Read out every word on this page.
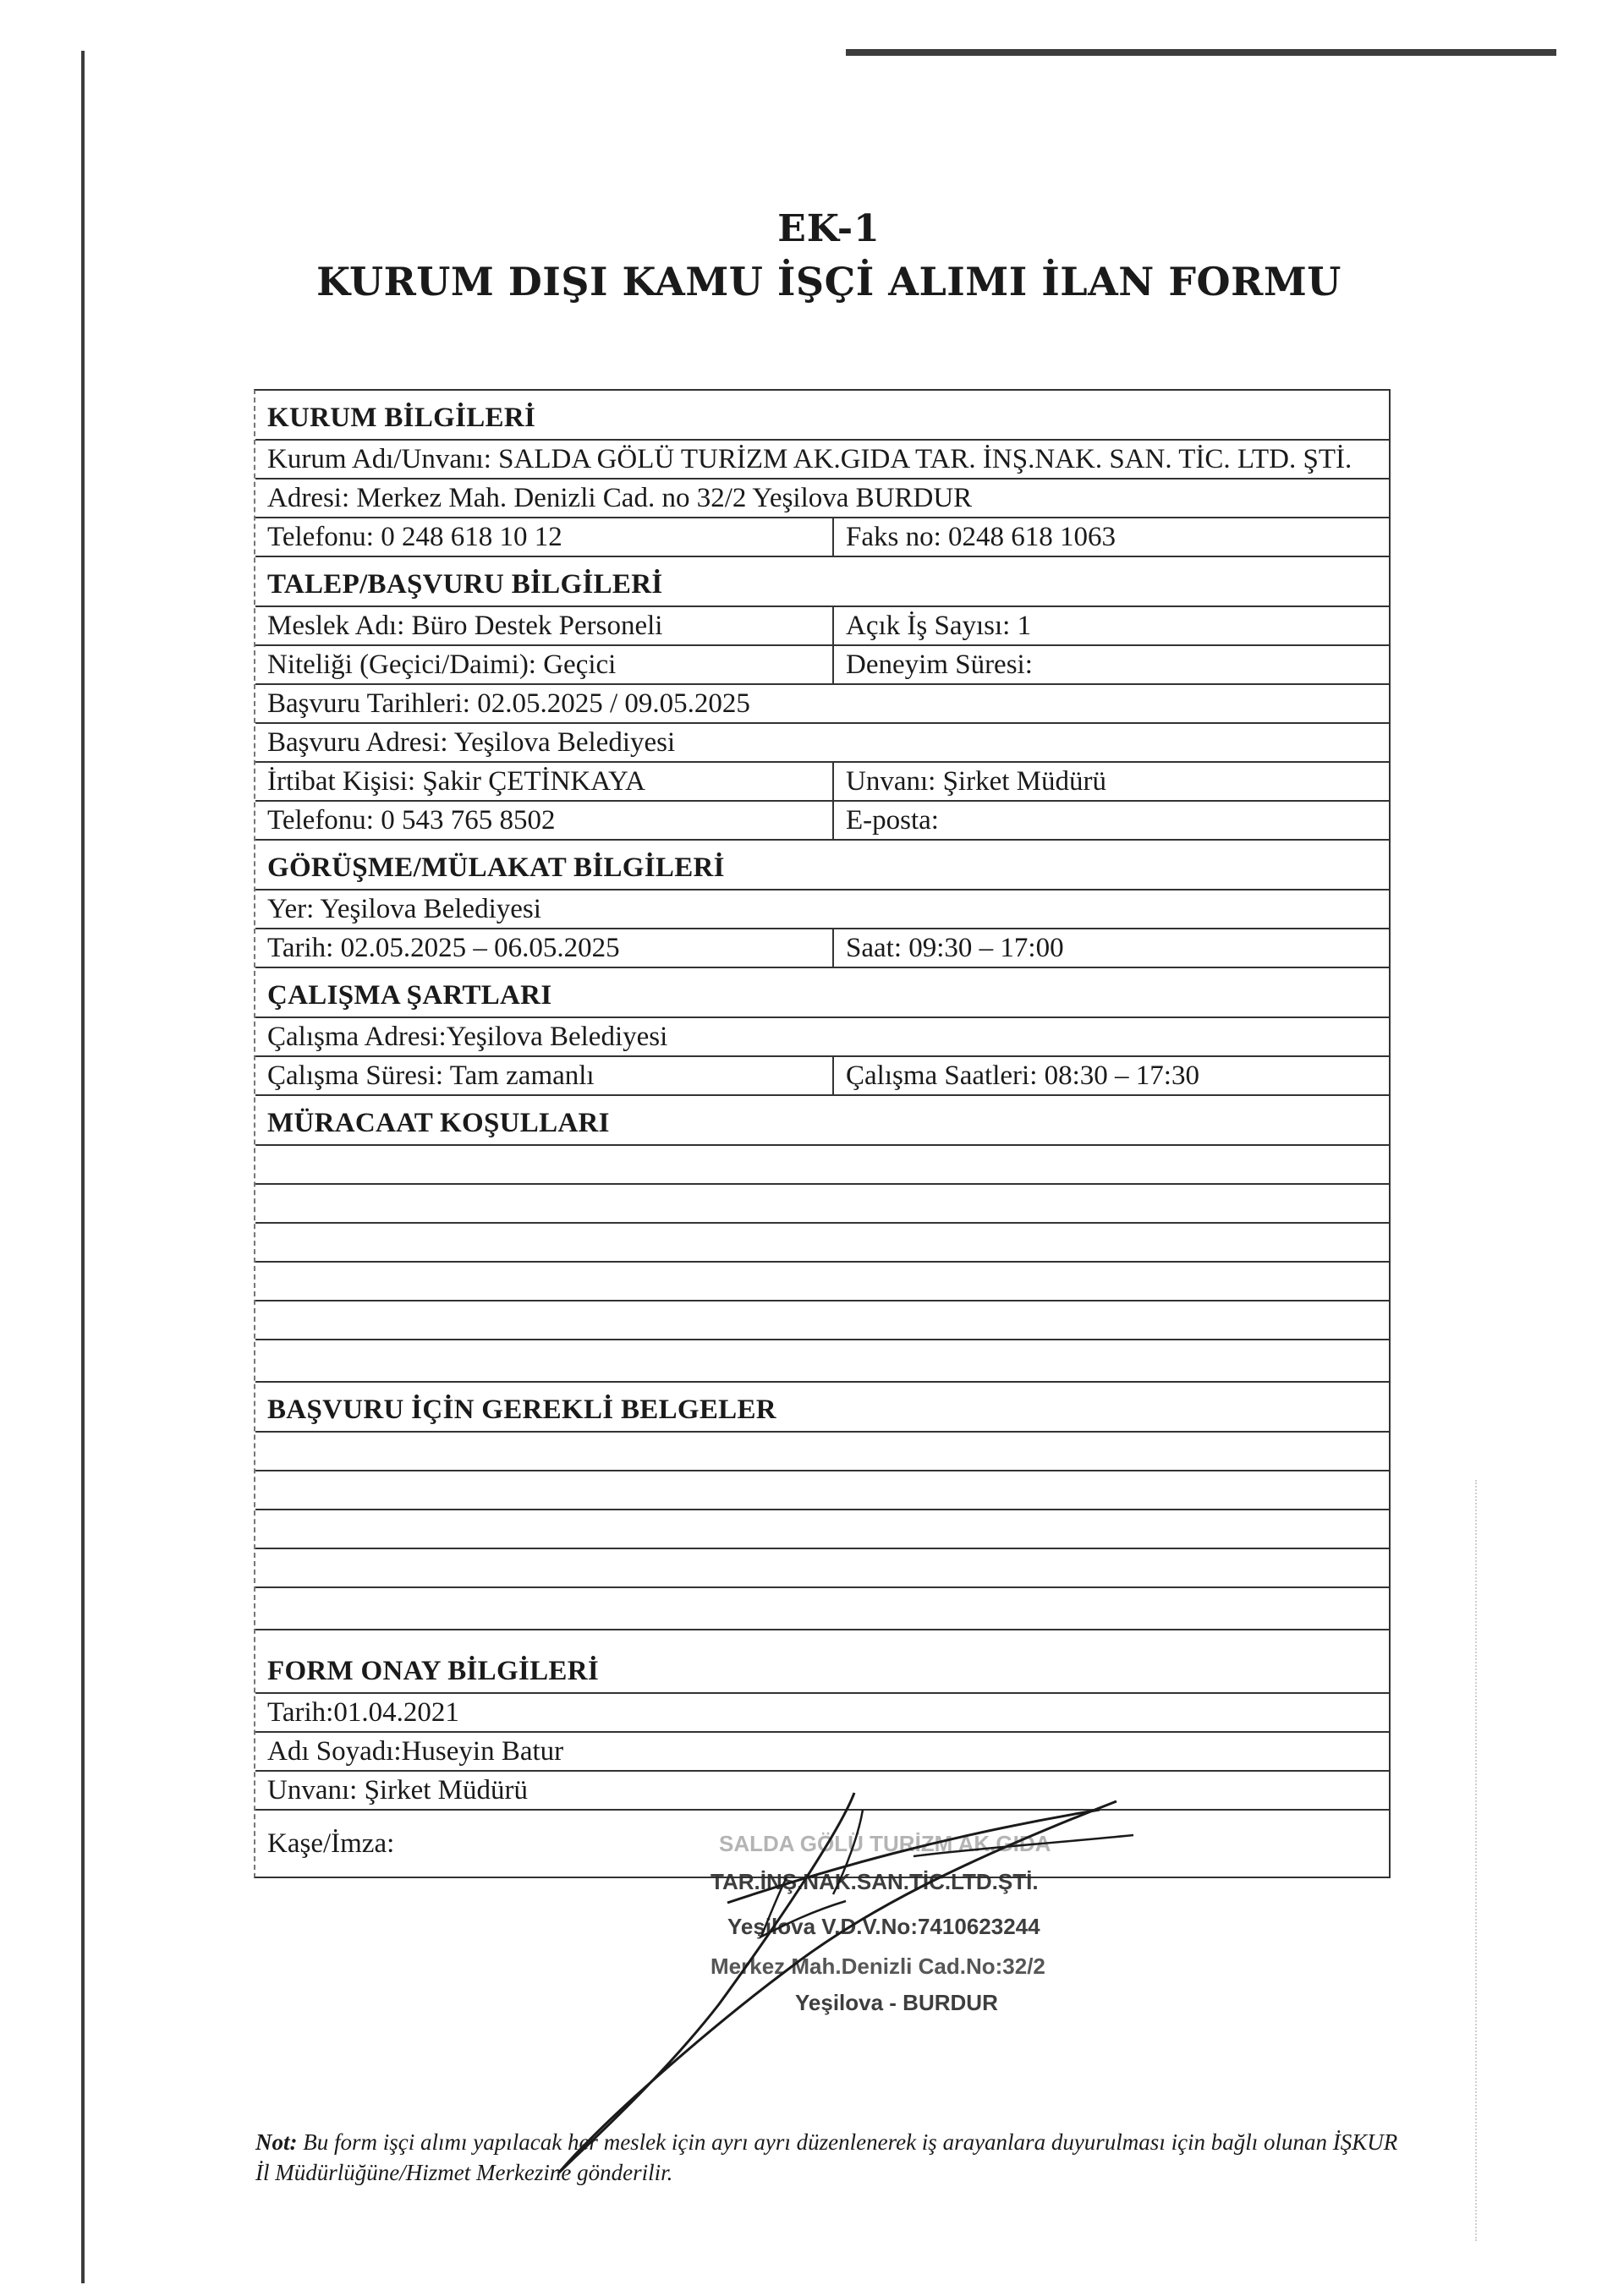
EK-1
KURUM DIŞI KAMU İŞÇİ ALIMI İLAN FORMU
KURUM BİLGİLERİ
Kurum Adı/Unvanı: SALDA GÖLÜ TURİZM AK.GIDA TAR. İNŞ.NAK. SAN. TİC. LTD. ŞTİ.
Adresi: Merkez Mah. Denizli Cad. no 32/2 Yeşilova BURDUR
Telefonu: 0 248 618 10 12	Faks no: 0248 618 1063
TALEP/BAŞVURU BİLGİLERİ
Meslek Adı: Büro Destek Personeli	Açık İş Sayısı: 1
Niteliği (Geçici/Daimi): Geçici	Deneyim Süresi:
Başvuru Tarihleri: 02.05.2025 / 09.05.2025
Başvuru Adresi: Yeşilova Belediyesi
İrtibat Kişisi: Şakir ÇETİNKAYA	Unvanı: Şirket Müdürü
Telefonu: 0 543 765 8502	E-posta:
GÖRÜŞME/MÜLAKAT BİLGİLERİ
Yer: Yeşilova Belediyesi
Tarih: 02.05.2025 – 06.05.2025	Saat: 09:30 – 17:00
ÇALIŞMA ŞARTLARI
Çalışma Adresi:Yeşilova Belediyesi
Çalışma Süresi: Tam zamanlı	Çalışma Saatleri: 08:30 – 17:30
MÜRACAAT KOŞULLARI
BAŞVURU İÇİN GEREKLİ BELGELER
FORM ONAY BİLGİLERİ
Tarih:01.04.2021
Adı Soyadı:Huseyin Batur
Unvanı: Şirket Müdürü
Kaşe/İmza:	SALDA GÖLÜ TURİZM AK.GIDA
TAR.İNŞ.NAK.SAN.TİC.LTD.ŞTİ.
Yeşilova V.D.V.No:7410623244
Merkez Mah.Denizli Cad.No:32/2
Yeşilova - BURDUR
Not: Bu form işçi alımı yapılacak her meslek için ayrı ayrı düzenlenerek iş arayanlara duyurulması için bağlı olunan İŞKUR İl Müdürlüğüne/Hizmet Merkezine gönderilir.
